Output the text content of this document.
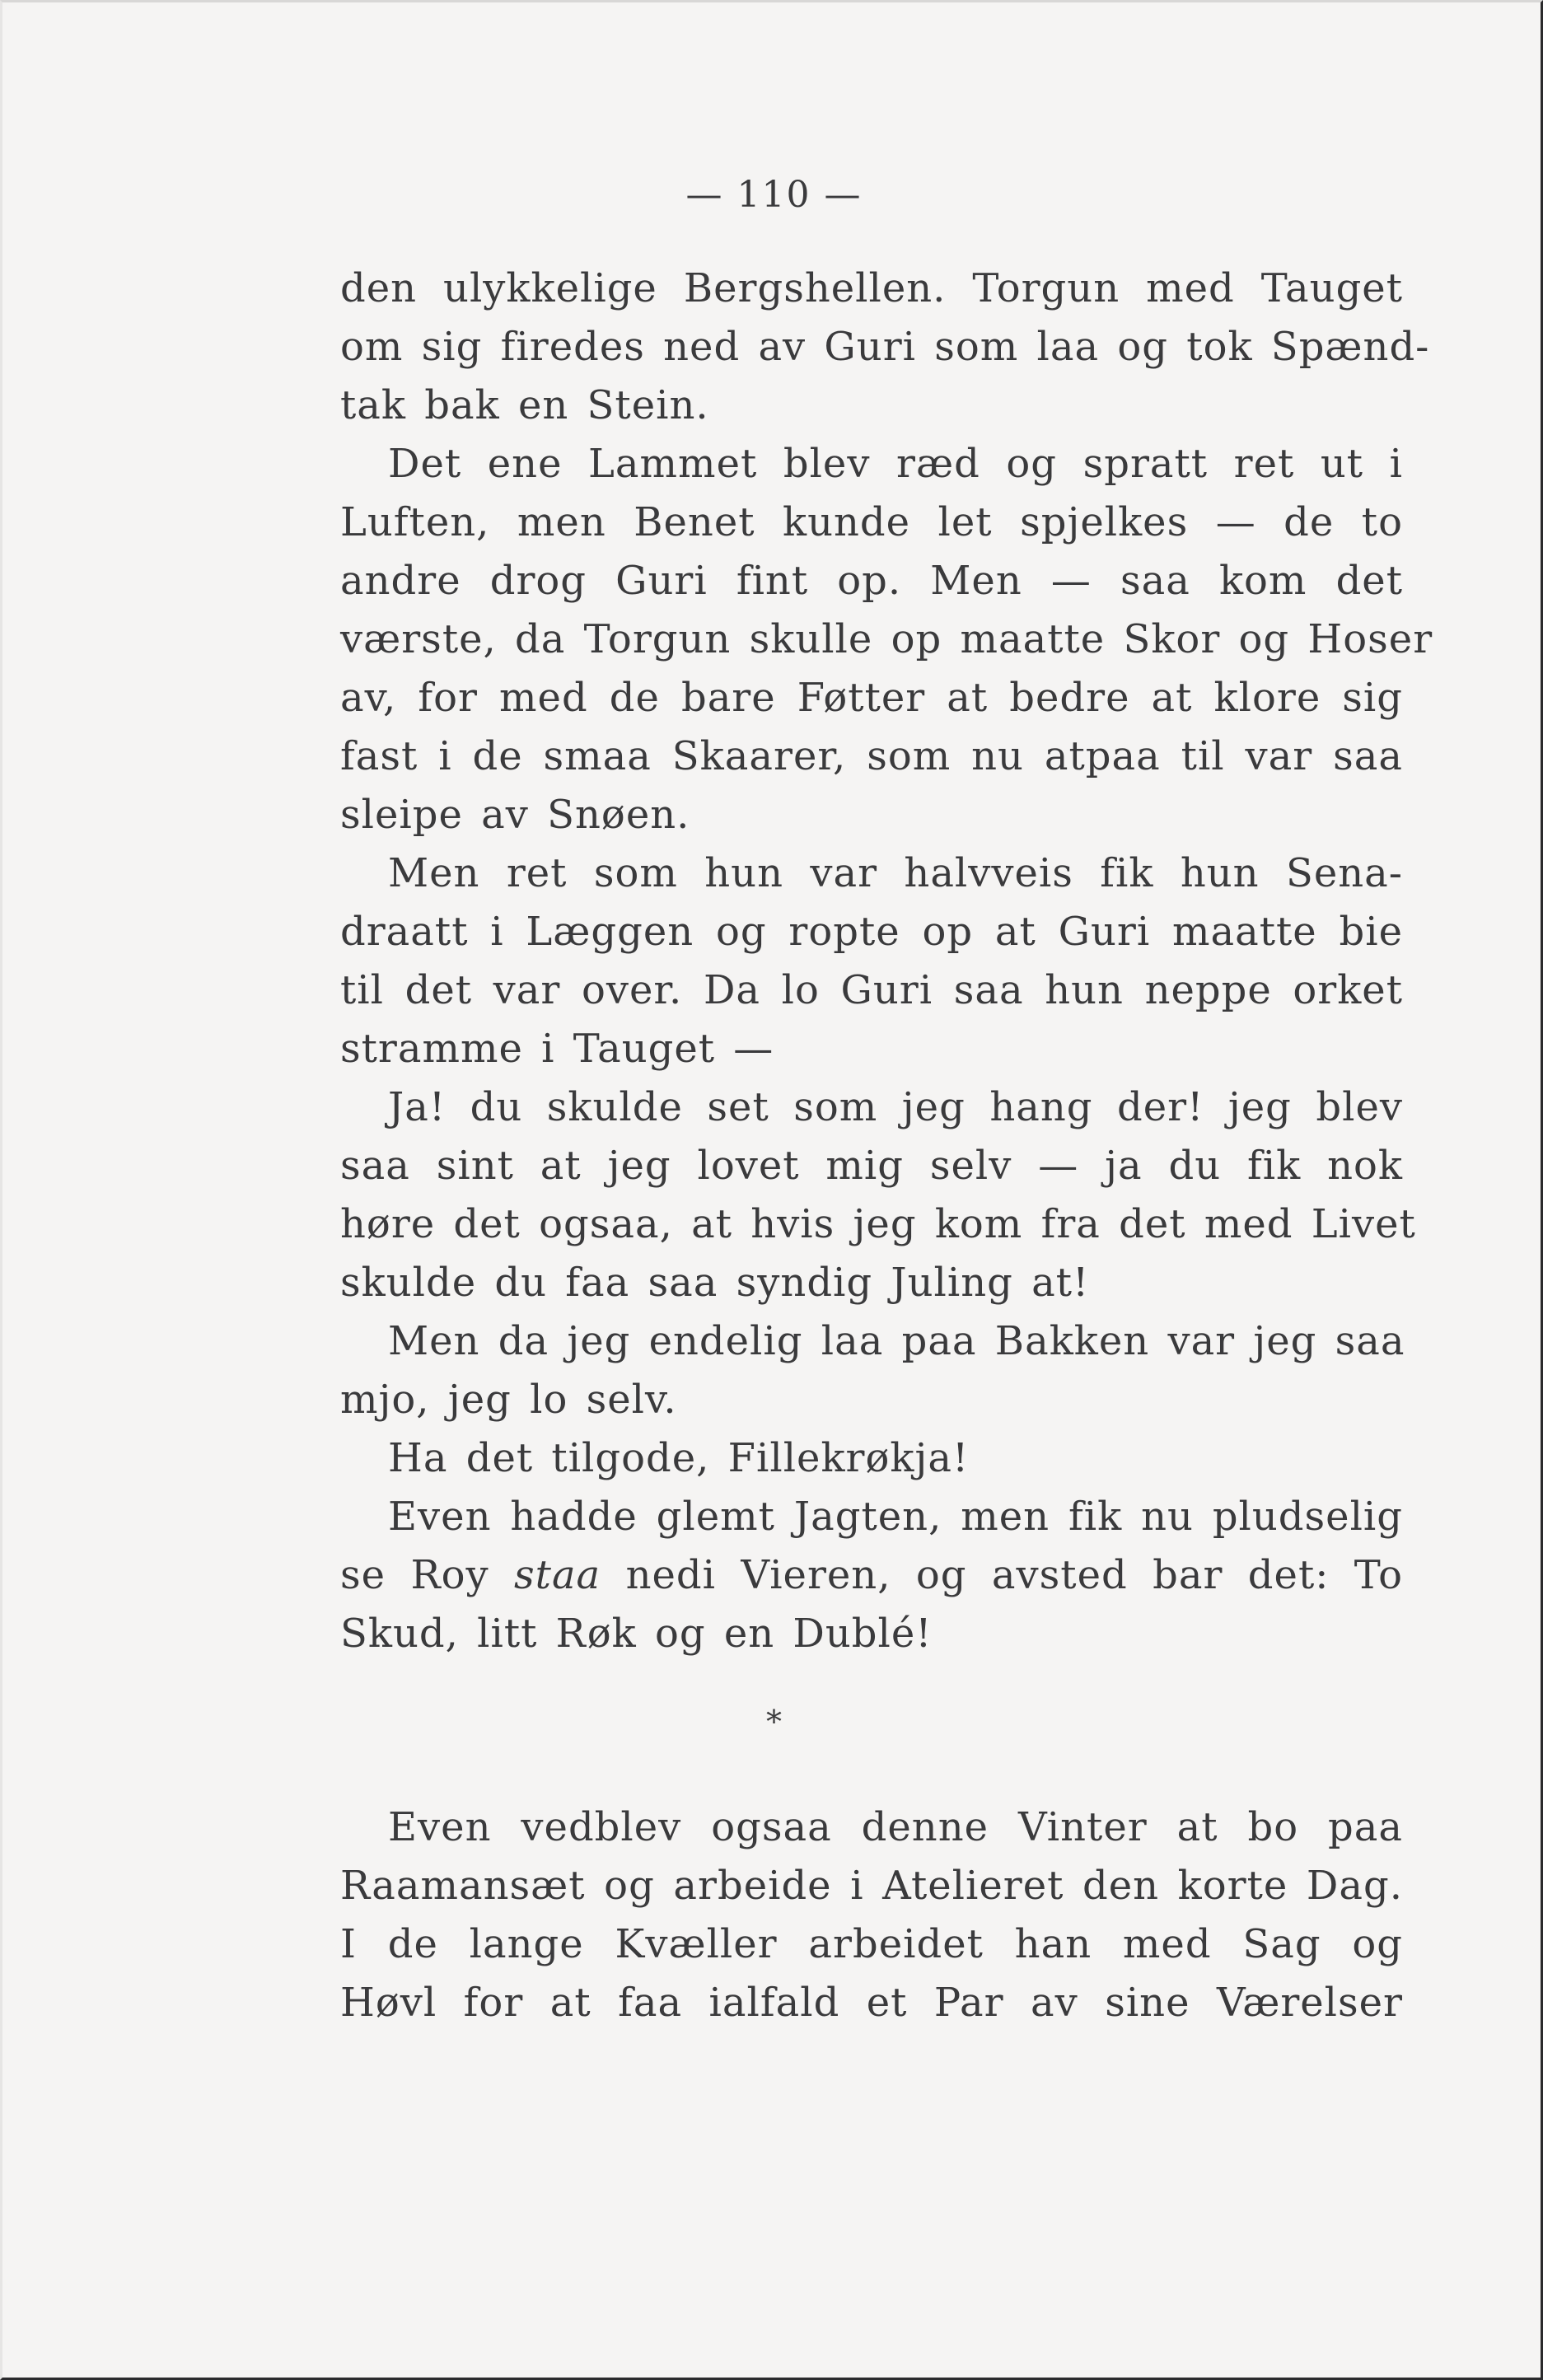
— 110 —
den ulykkelige Bergshellen. Torgun med Tauget
om sig firedes ned av Guri som laa og tok Spænd-
tak bak en Stein.
Det ene Lammet blev ræd og spratt ret ut i
Luften, men Benet kunde let spjelkes — de to
andre drog Guri fint op. Men — saa kom det
værste, da Torgun skulle op maatte Skor og Hoser
av, for med de bare Føtter at bedre at klore sig
fast i de smaa Skaarer, som nu atpaa til var saa
sleipe av Snøen.
Men ret som hun var halvveis fik hun Sena-
draatt i Læggen og ropte op at Guri maatte bie
til det var over. Da lo Guri saa hun neppe orket
stramme i Tauget —
Ja! du skulde set som jeg hang der! jeg blev
saa sint at jeg lovet mig selv — ja du fik nok
høre det ogsaa, at hvis jeg kom fra det med Livet
skulde du faa saa syndig Juling at!
Men da jeg endelig laa paa Bakken var jeg saa
mjo, jeg lo selv.
Ha det tilgode, Fillekrøkja!
Even hadde glemt Jagten, men fik nu pludselig
se Roy staa nedi Vieren, og avsted bar det: To
Skud, litt Røk og en Dublé!
*
Even vedblev ogsaa denne Vinter at bo paa
Raamansæt og arbeide i Atelieret den korte Dag.
I de lange Kvæller arbeidet han med Sag og
Høvl for at faa ialfald et Par av sine Værelser
